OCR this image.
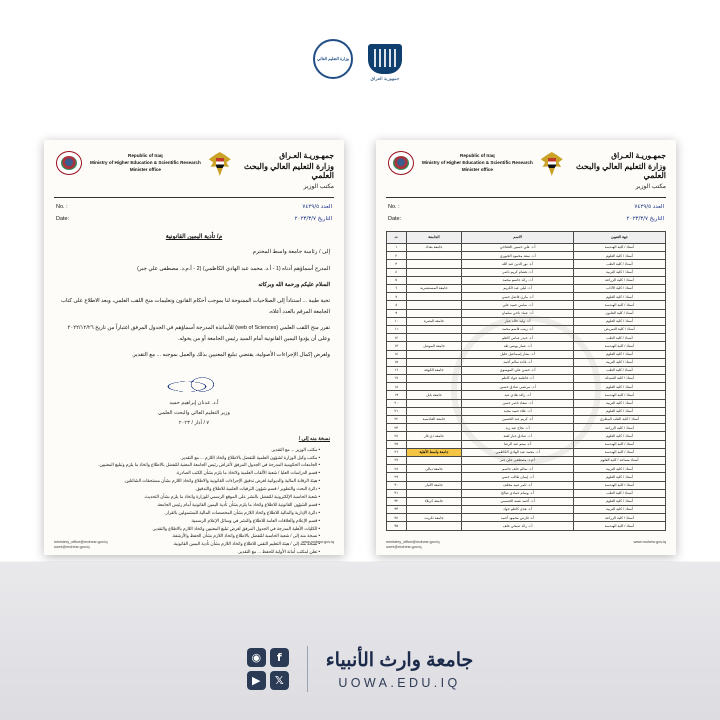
وزارة التعليم العالي
جمهورية العراق
Republic of Iraq
Ministry of Higher Education & Scientific Research
Minister office
جمهـوريـة العـراق
وزارة التعليم العالي والبحث العلمي
مكتب الوزير
No. :
Date:
العدد ٧٤٢٩/٥
التاريخ ٢٠٢٣/٣/٧
م/ تأدية اليمين القانونية

إلى / رئاسة جامعة واسط المحترم

المدرج أسماؤهم أدناه (1 - أ.د. محمد عبد الهادي الكاظمي) (2 - أ.م.د. مصطفى علي جبر)

السلام عليكم ورحمة الله وبركاته

تحية طيبة ... استناداً إلى الصلاحيات الممنوحة لنا بموجب أحكام القانون وتعليمات منح اللقب العلمي، وبعد الاطلاع على كتاب الجامعة المرقم بالعدد أعلاه.

تقرر منح اللقب العلمي (web of Sciences) للأساتذة المدرجة أسماؤهم في الجدول المرفق اعتباراً من تاريخ ٢٠٢٢/١٢/٢٦ وعلى أن يؤدوا اليمين القانونية أمام السيد رئيس الجامعة أو من يخوله.

ولغرض إكمال الإجراءات الأصولية، يقتضي تبليغ المعنيين بذلك والعمل بموجبه ... مع التقدير.

أ.د. عدنان إبراهيم حميد
وزير التعليم العالي والبحث العلمي
٧ / آذار / ٢٠٢٣
نسخة منه إلى /
• مكتب الوزير ... مع التقدير.
• مكتب وكيل الوزارة لشؤون العلمية للتفضل بالاطلاع واتخاذ اللازم ... مع التقدير.
• الجامعات الحكومية المدرجة في الجدول المرفق لأغراض رئيس الجامعة المعنية للتفضل بالاطلاع واتخاذ ما يلزم وتبليغ المعنيين.
• قسم الدراسات العليا / شعبة الألقاب العلمية ولاتخاذ ما يلزم بشأن الكتب الصادرة.
• هيئة الرقابة المالية والديوانية لغرض تدقيق الإجراءات القانونية والاطلاع واتخاذ اللازم بشأن مستحقات الشاغلين.
• دائرة البحث والتطوير / قسم شؤون الترقيات العلمية للاطلاع والتدقيق.
• شعبة الحاسبة الإلكترونية للتفضل بالنشر على الموقع الرسمي للوزارة واتخاذ ما يلزم بشأن التحديث.
• قسم الشؤون القانونية للاطلاع واتخاذ ما يلزم بشأن تأدية اليمين القانونية أمام رئيس الجامعة.
• دائرة الإدارية والمالية للاطلاع واتخاذ اللازم بشأن المخصصات المالية للمشمولين بالقرار.
• قسم الإعلام والعلاقات العامة للاطلاع والنشر في وسائل الإعلام الرسمية.
• الكليات الأهلية المدرجة في الجدول المرفق لغرض تبليغ المعنيين واتخاذ اللازم بالاطلاع والتقدير.
• نسخة منه إلى / شعبة الحاسبة للتفضل بالاطلاع واتخاذ اللازم بشأن الحفظ والأرشفة.
• نسخة منه إلى / هيئة التعليم التقني للاطلاع واتخاذ اللازم بشأن تأدية اليمين القانونية.
• تعلن لمكتب أمانة الأولية للحفظ ... مع التقدير.
ministery_office@mohesr.gov.iq
uomi@mohesr.gov.iq
www.mohesr.gov.iq
Republic of Iraq
Ministry of Higher Education & Scientific Research
Minister office
جمهـوريـة العـراق
وزارة التعليم العالي والبحث العلمي
مكتب الوزير
No. :
Date:
العدد ٧٤٢٩/٥
التاريخ ٢٠٢٣/٣/٧
جهة التعيين	الاسم	الجامعة	ت
أستاذ / كلية الهندسة	أ.د. علي حسين الخفاجي	جامعة بغداد	١
أستاذ / كلية العلوم	أ.د. سعد محمود الجبوري		٢
أستاذ / كلية الطب	أ.د. نور الدين عبد الله		٣
أستاذ / كلية التربية	أ.د. هشام كريم ناصر		٤
أستاذ / كلية الزراعة	أ.د. رائد جاسم محمد		٥
أستاذ / كلية الآداب	أ.د. ليلى عبد الكريم	جامعة المستنصرية	٦
أستاذ / كلية العلوم	أ.د. مازن فاضل حسن		٧
أستاذ / كلية الهندسة	أ.د. سامي حميد علي		٨
أستاذ / كلية القانون	أ.د. عماد ناجي سلمان		٩
أستاذ / كلية العلوم	أ.د. وليد خالد جبار	جامعة البصرة	١٠
أستاذ / كلية التمريض	أ.د. زينب قاسم محمد		١١
أستاذ / كلية الطب	أ.د. حيدر عباس كاظم		١٢
أستاذ / كلية الهندسة	أ.د. عمار يونس طه	جامعة الموصل	١٣
أستاذ / كلية العلوم	أ.د. بشار إسماعيل خليل		١٤
أستاذ / كلية التربية	أ.د. غادة سالم أحمد		١٥
أستاذ / كلية الطب	أ.د. حسن علي الموسوي	جامعة الكوفة	١٦
أستاذ / كلية الصيدلة	أ.د. فاطمة جواد كاظم		١٧
أستاذ / كلية العلوم	أ.د. مرتضى صادق حسين		١٨
أستاذ / كلية الهندسة	أ.د. رافد هادي عبد	جامعة بابل	١٩
أستاذ / كلية التربية	أ.د. سعاد ناصر حسن		٢٠
أستاذ / كلية العلوم	أ.د. علاء حميد مجيد		٢١
أستاذ / كلية الطب البيطري	أ.د. كريم عبد الحسين	جامعة القادسية	٢٢
أستاذ / كلية الزراعة	أ.د. نجاح عبد زيد		٢٣
أستاذ / كلية العلوم	أ.د. صادق جبار لفتة	جامعة ذي قار	٢٤
أستاذ / كلية الهندسة	أ.د. ميثم عبد الرضا		٢٥
أستاذ / كلية الهندسة	أ.د. محمد عبد الهادي الكاظمي	جامعة واسط الأهلية	٢٦
أستاذ مساعد / كلية العلوم	أ.م.د. مصطفى علي جبر		٢٧
أستاذ / كلية التربية	أ.د. سالم خلف جاسم	جامعة ديالى	٢٨
أستاذ / كلية العلوم	أ.د. إيمان طالب حسن		٢٩
أستاذ / كلية الهندسة	أ.د. ثامر عبيد مخلف	جامعة الأنبار	٣٠
أستاذ / كلية الطب	أ.د. وسام حمادي صالح		٣١
أستاذ / كلية العلوم	أ.د. أحمد نعمة الحسيني	جامعة كربلاء	٣٢
أستاذ / كلية التربية	أ.د. هدى كاظم جواد		٣٣
أستاذ / كلية الزراعة	أ.د. فارس محمود أحمد	جامعة تكريت	٣٤
أستاذ / كلية الهندسة	أ.د. رائد صبحي خلف		٣٥
ministery_office@mohesr.gov.iq
uomi@mohesr.gov.iq
www.mohesr.gov.iq
◉	f
▶	𝕏
جامعة وارث الأنبياء
UOWA.EDU.IQ
